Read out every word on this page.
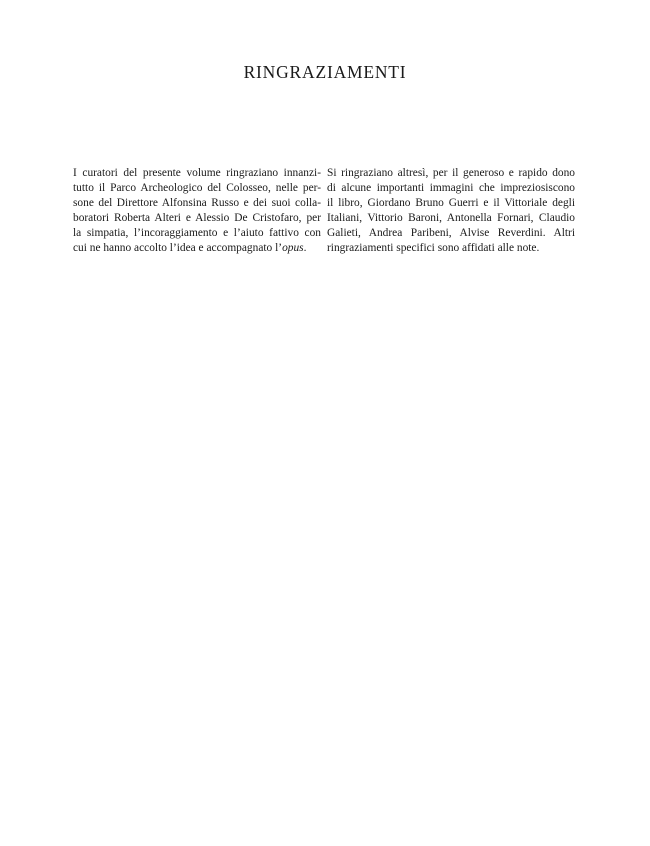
RINGRAZIAMENTI

I curatori del presente volume ringraziano innanzi-
tutto il Parco Archeologico del Colosseo, nelle per-
sone del Direttore Alfonsina Russo e dei suoi colla-
boratori Roberta Alteri e Alessio De Cristofaro, per
la simpatia, l’incoraggiamento e l’aiuto fattivo con
cui ne hanno accolto l’idea e accompagnato l’opus.

Si ringraziano altresì, per il generoso e rapido dono
di alcune importanti immagini che impreziosiscono
il libro, Giordano Bruno Guerri e il Vittoriale degli
Italiani, Vittorio Baroni, Antonella Fornari, Claudio
Galieti, Andrea Paribeni, Alvise Reverdini. Altri
ringraziamenti specifici sono affidati alle note.
